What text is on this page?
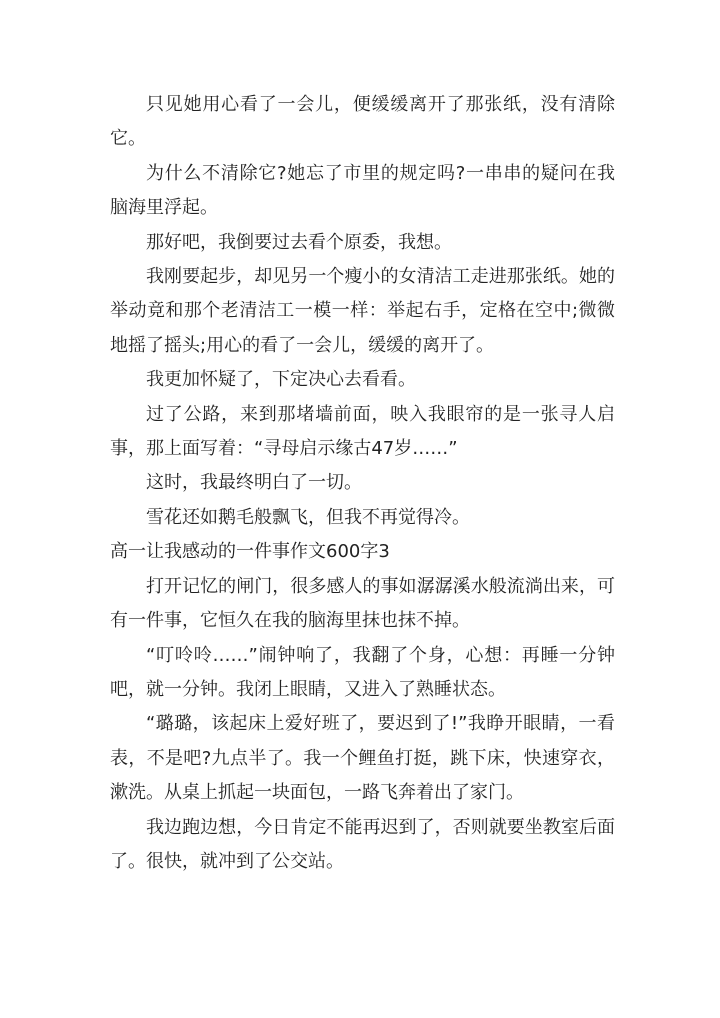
只见她用心看了一会儿，便缓缓离开了那张纸，没有清除它。

为什么不清除它?她忘了市里的规定吗?一串串的疑问在我脑海里浮起。

那好吧，我倒要过去看个原委，我想。

我刚要起步，却见另一个瘦小的女清洁工走进那张纸。她的举动竟和那个老清洁工一模一样：举起右手，定格在空中;微微地摇了摇头;用心的看了一会儿，缓缓的离开了。

我更加怀疑了，下定决心去看看。

过了公路，来到那堵墙前面，映入我眼帘的是一张寻人启事，那上面写着：“寻母启示缘古47岁……”

这时，我最终明白了一切。

雪花还如鹅毛般飘飞，但我不再觉得冷。

高一让我感动的一件事作文600字3

打开记忆的闸门，很多感人的事如潺潺溪水般流淌出来，可有一件事，它恒久在我的脑海里抹也抹不掉。

“叮呤呤……”闹钟响了，我翻了个身，心想：再睡一分钟吧，就一分钟。我闭上眼睛，又进入了熟睡状态。

“璐璐，该起床上爱好班了，要迟到了!”我睁开眼睛，一看表，不是吧?九点半了。我一个鲤鱼打挺，跳下床，快速穿衣，漱洗。从桌上抓起一块面包，一路飞奔着出了家门。

我边跑边想，今日肯定不能再迟到了，否则就要坐教室后面了。很快，就冲到了公交站。
